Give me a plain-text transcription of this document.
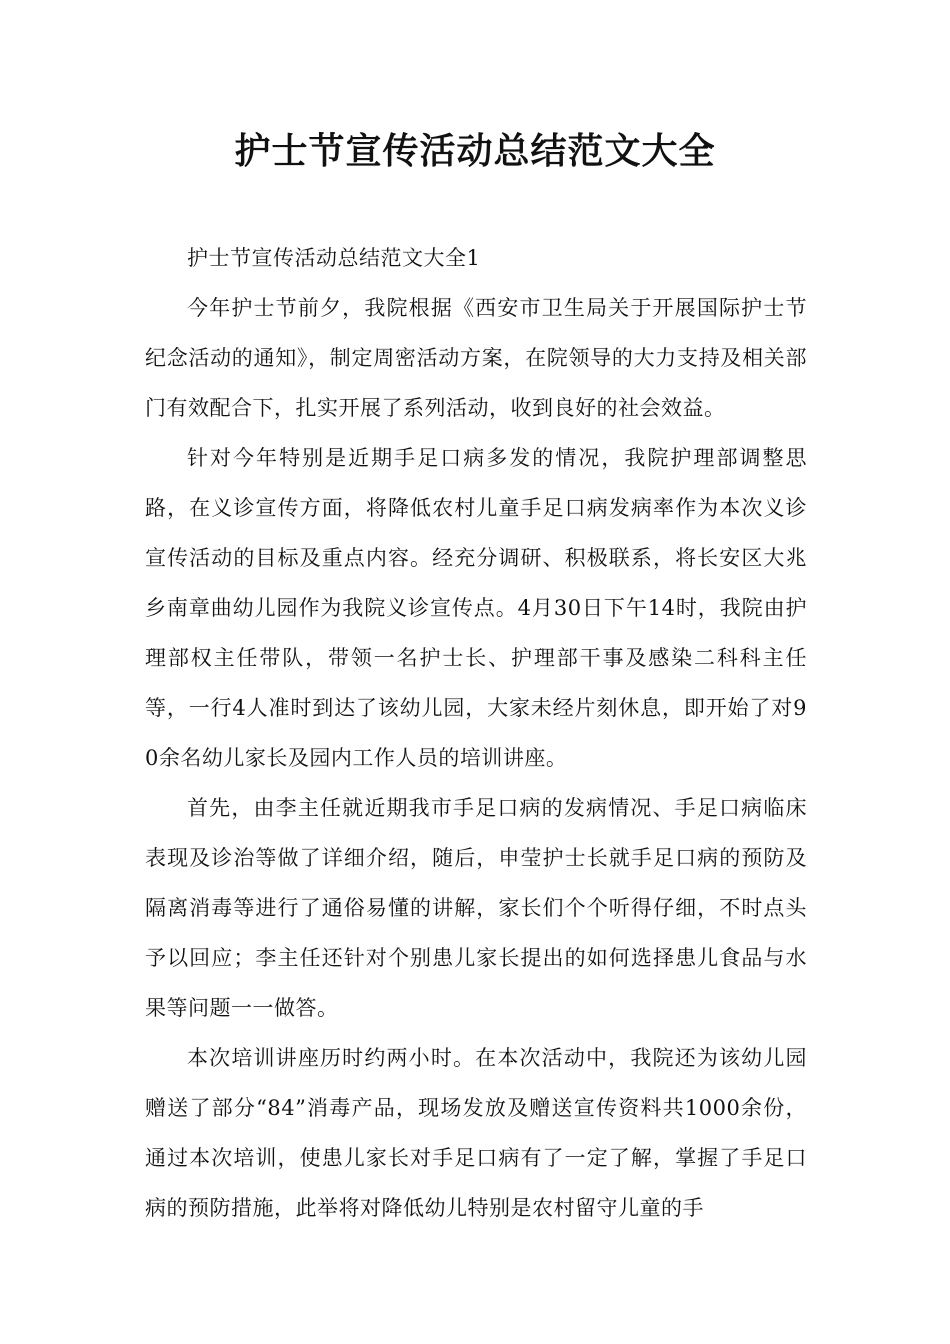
护士节宣传活动总结范文大全

护士节宣传活动总结范文大全1

今年护士节前夕，我院根据《西安市卫生局关于开展国际护士节纪念活动的通知》，制定周密活动方案，在院领导的大力支持及相关部门有效配合下，扎实开展了系列活动，收到良好的社会效益。

针对今年特别是近期手足口病多发的情况，我院护理部调整思路，在义诊宣传方面，将降低农村儿童手足口病发病率作为本次义诊宣传活动的目标及重点内容。经充分调研、积极联系，将长安区大兆乡南章曲幼儿园作为我院义诊宣传点。4月30日下午14时，我院由护理部权主任带队，带领一名护士长、护理部干事及感染二科科主任等，一行4人准时到达了该幼儿园，大家未经片刻休息，即开始了对90余名幼儿家长及园内工作人员的培训讲座。

首先，由李主任就近期我市手足口病的发病情况、手足口病临床表现及诊治等做了详细介绍，随后，申莹护士长就手足口病的预防及隔离消毒等进行了通俗易懂的讲解，家长们个个听得仔细，不时点头予以回应；李主任还针对个别患儿家长提出的如何选择患儿食品与水果等问题一一做答。

本次培训讲座历时约两小时。在本次活动中，我院还为该幼儿园赠送了部分“84”消毒产品，现场发放及赠送宣传资料共1000余份，通过本次培训，使患儿家长对手足口病有了一定了解，掌握了手足口病的预防措施，此举将对降低幼儿特别是农村留守儿童的手
